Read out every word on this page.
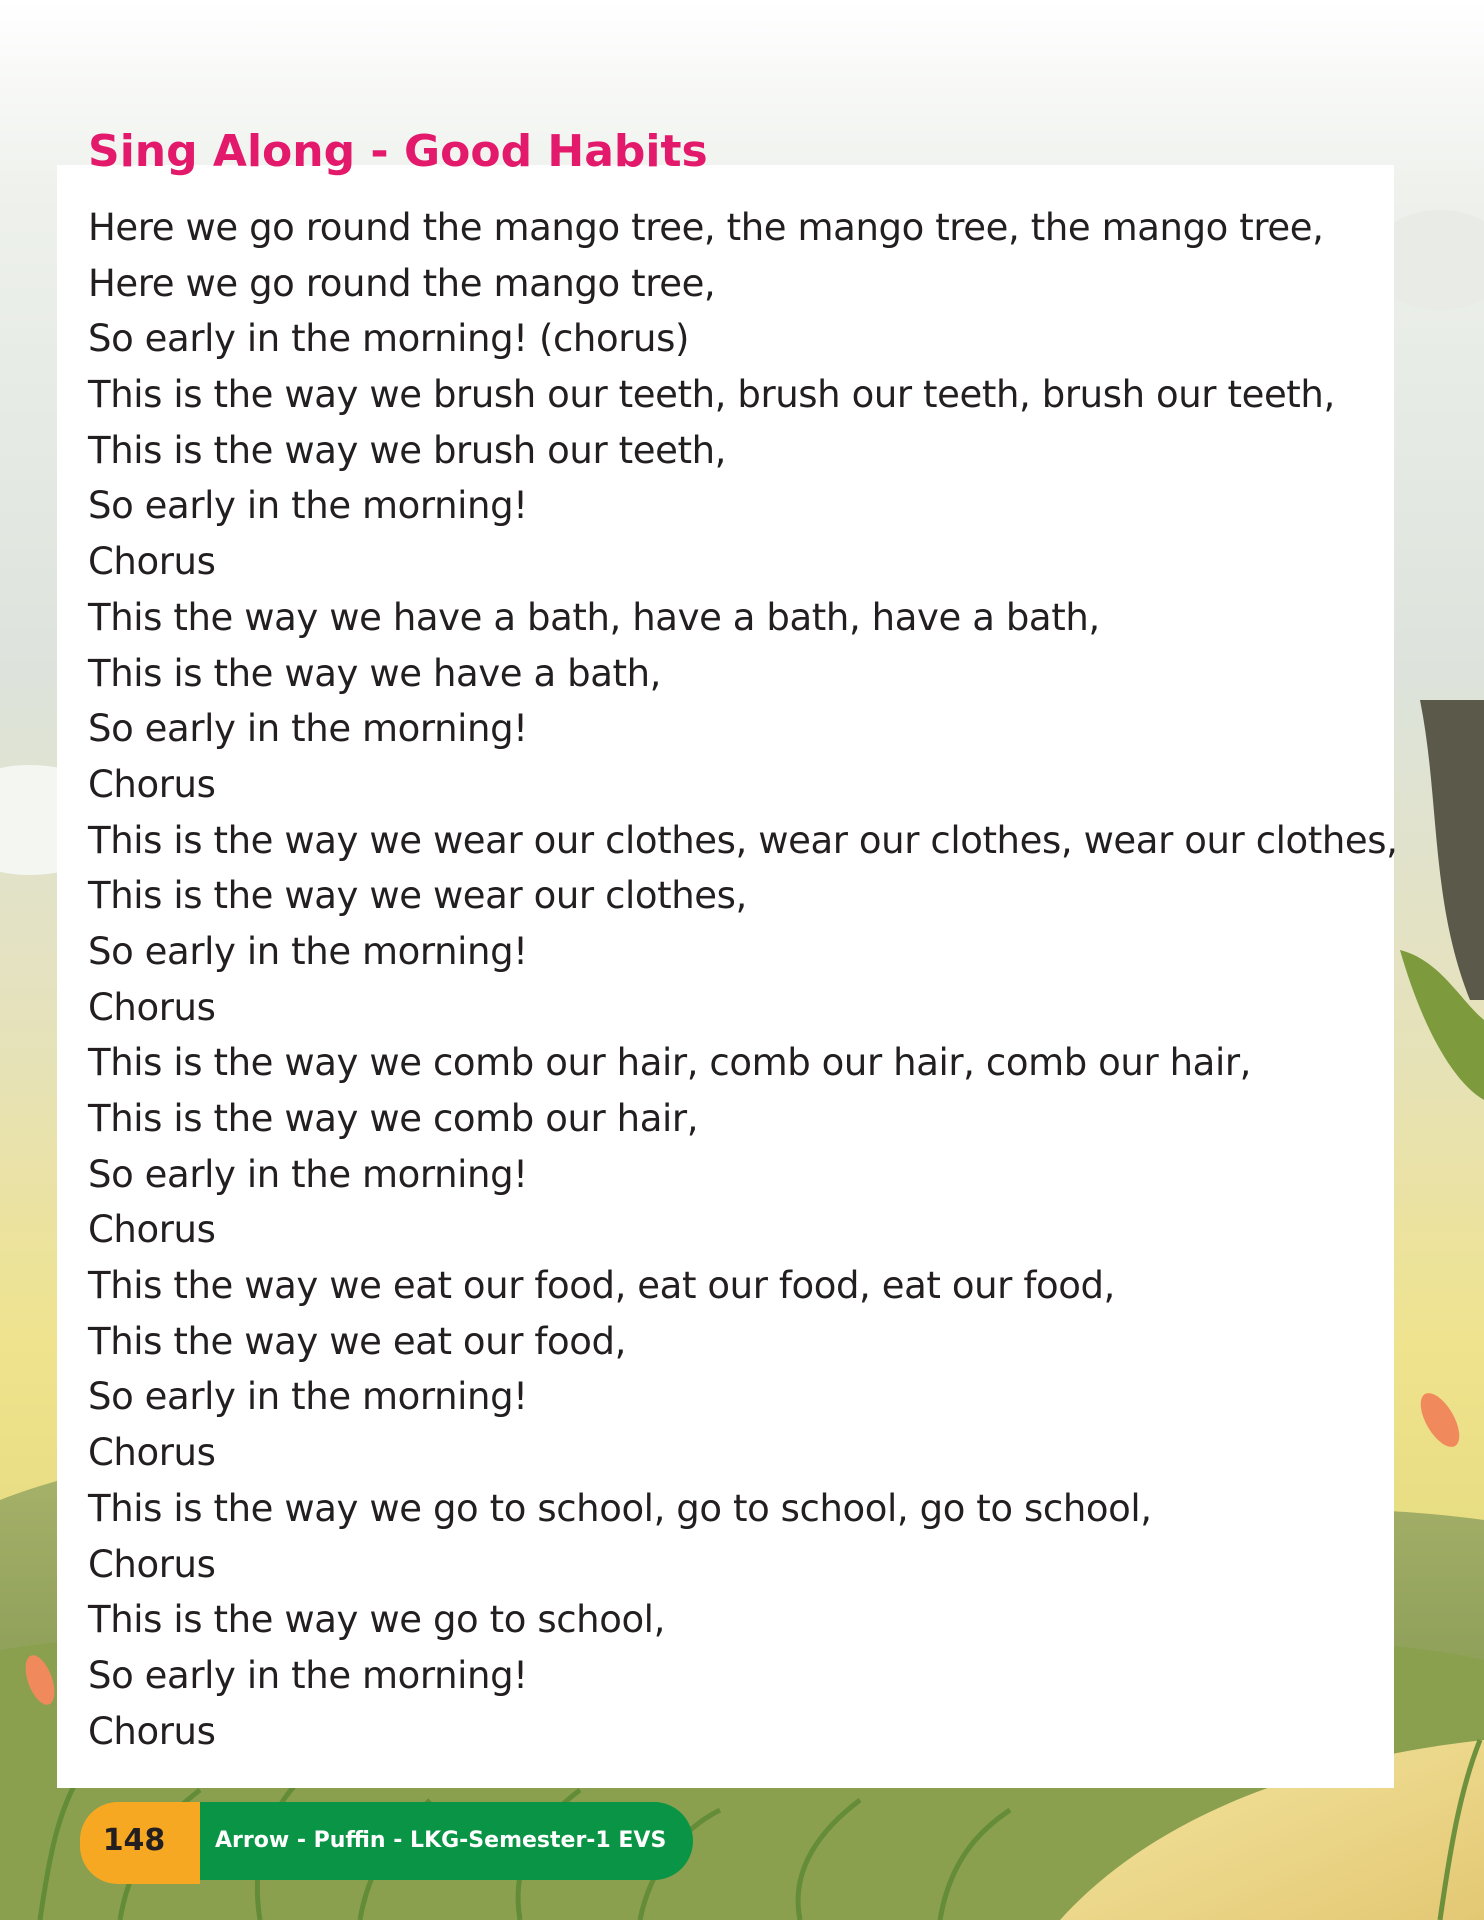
Sing Along - Good Habits
Here we go round the mango tree, the mango tree, the mango tree,
Here we go round the mango tree,
So early in the morning! (chorus)
This is the way we brush our teeth, brush our teeth, brush our teeth,
This is the way we brush our teeth,
So early in the morning!
Chorus
This the way we have a bath, have a bath, have a bath,
This is the way we have a bath,
So early in the morning!
Chorus
This is the way we wear our clothes, wear our clothes, wear our clothes,
This is the way we wear our clothes,
So early in the morning!
Chorus
This is the way we comb our hair, comb our hair, comb our hair,
This is the way we comb our hair,
So early in the morning!
Chorus
This the way we eat our food, eat our food, eat our food,
This the way we eat our food,
So early in the morning!
Chorus
This is the way we go to school, go to school, go to school,
Chorus
This is the way we go to school,
So early in the morning!
Chorus
Arrow - Puffin - LKG-Semester-1 EVS
148
